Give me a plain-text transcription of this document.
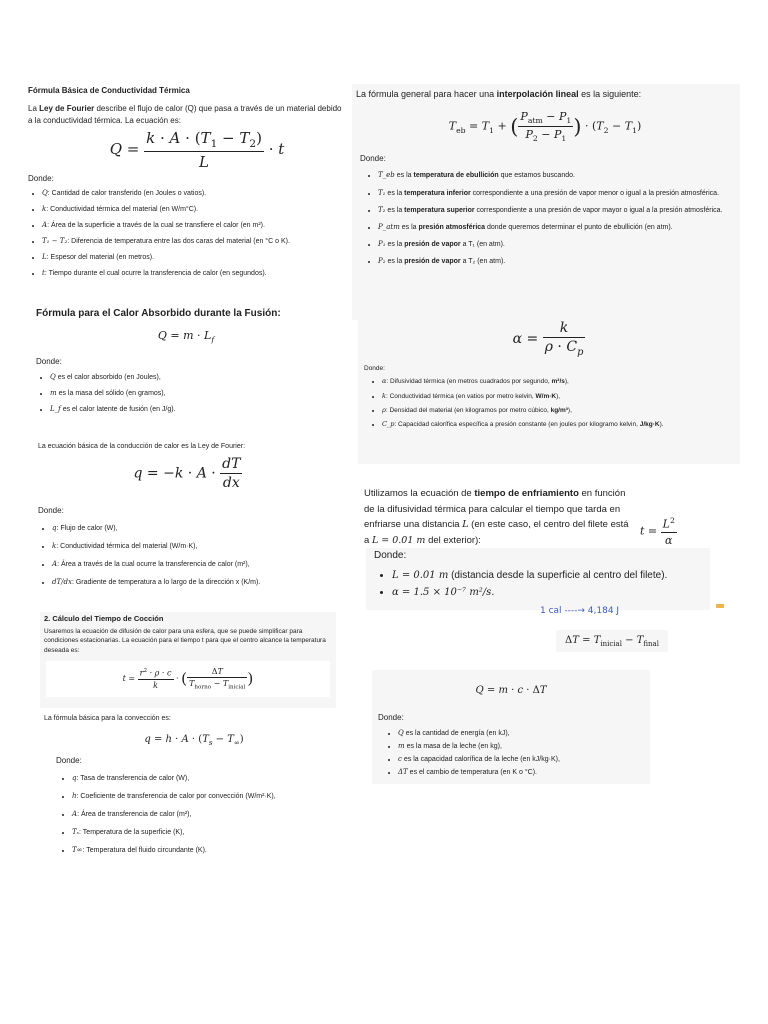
Fórmula Básica de Conductividad Térmica

La Ley de Fourier describe el flujo de calor (Q) que pasa a través de un material debido a la conductividad térmica. La ecuación es:

$Q = \frac{k \cdot A \cdot (T_1 - T_2)}{L} \cdot t$

Donde:

• Q: Cantidad de calor transferido (en Joules o vatios).
• k: Conductividad térmica del material (en W/m°C).
• A: Área de la superficie a través de la cual se transfiere el calor (en m²).
• T₁ − T₂: Diferencia de temperatura entre las dos caras del material (en °C o K).
• L: Espesor del material (en metros).
• t: Tiempo durante el cual ocurre la transferencia de calor (en segundos).

Fórmula para el Calor Absorbido durante la Fusión:

$Q = m \cdot L_f$

Donde:

• Q es el calor absorbido (en Joules),
• m es la masa del sólido (en gramos),
• L_f es el calor latente de fusión (en J/g).

La ecuación básica de la conducción de calor es la Ley de Fourier:

$q = -k \cdot A \cdot \frac{dT}{dx}$

Donde:

• q: Flujo de calor (W),
• k: Conductividad térmica del material (W/m·K),
• A: Área a través de la cual ocurre la transferencia de calor (m²),
• dT/dx: Gradiente de temperatura a lo largo de la dirección x (K/m).

2. Cálculo del Tiempo de Cocción

Usaremos la ecuación de difusión de calor para una esfera, que se puede simplificar para condiciones estacionarias. La ecuación para el tiempo t para que el centro alcance la temperatura deseada es:

$t = \frac{r^2 \cdot \rho \cdot c}{k}$ · ( $\frac{\Delta T}{T_{horno} - T_{inicial}}$ )

La fórmula básica para la convección es:

$q = h \cdot A \cdot (T_s - T_\infty)$

Donde:

• q: Tasa de transferencia de calor (W),
• h: Coeficiente de transferencia de calor por convección (W/m²·K),
• A: Área de transferencia de calor (m²),
• Tₛ: Temperatura de la superficie (K),
• T∞: Temperatura del fluido circundante (K).

La fórmula general para hacer una interpolación lineal es la siguiente:

$T_{eb} = T_1$ + ( $\frac{P_{atm} - P_1}{P_2 - P_1}$ ) · $(T_2 - T_1)$

Donde:

• T_eb es la temperatura de ebullición que estamos buscando.
• T₁ es la temperatura inferior correspondiente a una presión de vapor menor o igual a la presión atmosférica.
• T₂ es la temperatura superior correspondiente a una presión de vapor mayor o igual a la presión atmosférica.
• P_atm es la presión atmosférica donde queremos determinar el punto de ebullición (en atm).
• P₁ es la presión de vapor a T₁ (en atm).
• P₂ es la presión de vapor a T₂ (en atm).
$\alpha = \frac{k}{\rho \cdot C_p}$

Donde:

• α: Difusividad térmica (en metros cuadrados por segundo, m²/s),
• k: Conductividad térmica (en vatios por metro kelvin, W/m·K),
• ρ: Densidad del material (en kilogramos por metro cúbico, kg/m³),
• C_p: Capacidad calorífica específica a presión constante (en joules por kilogramo kelvin, J/kg·K).

Utilizamos la ecuación de tiempo de enfriamiento en función de la difusividad térmica para calcular el tiempo que tarda en enfriarse una distancia L (en este caso, el centro del filete está a L = 0.01 m del exterior):

$t = \frac{L^2}{\alpha}$

Donde:

• L = 0.01 m (distancia desde la superficie al centro del filete).
• α = 1.5 × 10⁻⁷ m²/s.
1 cal ----→ 4,184 J
$\Delta T = T_{inicial} - T_{final}$
Q = m · c · ΔT

Donde:

• Q es la cantidad de energía (en kJ),
• m es la masa de la leche (en kg),
• c es la capacidad calorífica de la leche (en kJ/kg·K),
• ΔT es el cambio de temperatura (en K o °C).
